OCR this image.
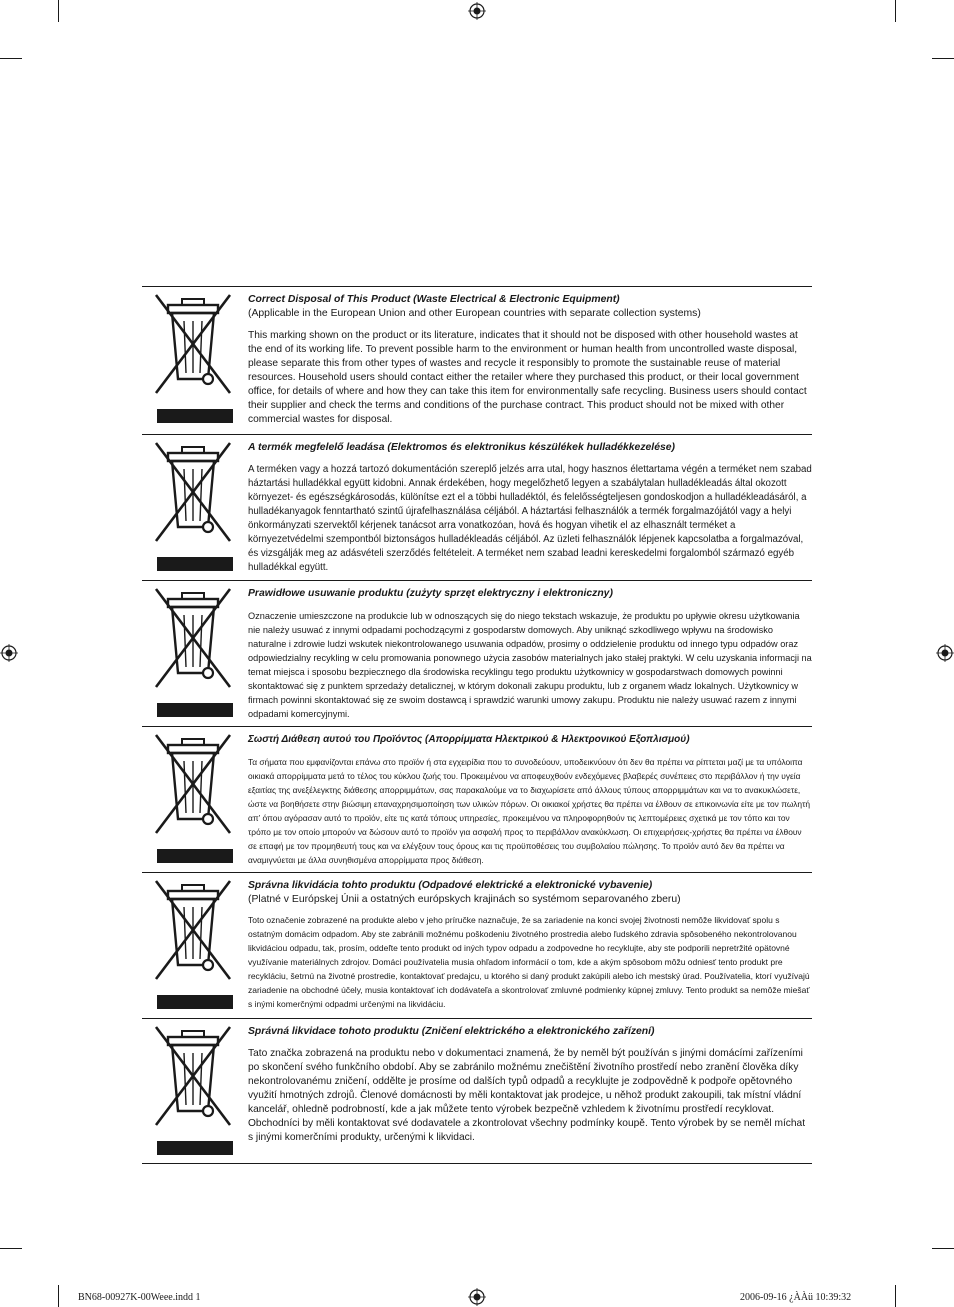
Correct Disposal of This Product (Waste Electrical & Electronic Equipment)

(Applicable in the European Union and other European countries with separate collection systems)

This marking shown on the product or its literature, indicates that it should not be disposed with other household wastes at the end of its working life. To prevent possible harm to the environment or human health from uncontrolled waste disposal, please separate this from other types of wastes and recycle it responsibly to promote the sustainable reuse of material resources. Household users should contact either the retailer where they purchased this product, or their local government office, for details of where and how they can take this item for environmentally safe recycling. Business users should contact their supplier and check the terms and conditions of the purchase contract. This product should not be mixed with other commercial wastes for disposal.

A termék megfelelő leadása (Elektromos és elektronikus készülékek hulladékkezelése)

A terméken vagy a hozzá tartozó dokumentáción szereplő jelzés arra utal, hogy hasznos élettartama végén a terméket nem szabad háztartási hulladékkal együtt kidobni. Annak érdekében, hogy megelőzhető legyen a szabálytalan hulladékleadás által okozott környezet- és egészségkárosodás, különítse ezt el a többi hulladéktól, és felelősségteljesen gondoskodjon a hulladékleadásáról, a hulladékanyagok fenntartható szintű újrafelhasználása céljából. A háztartási felhasználók a termék forgalmazójától vagy a helyi önkormányzati szervektől kérjenek tanácsot arra vonatkozóan, hová és hogyan vihetik el az elhasznált terméket a környezetvédelmi szempontból biztonságos hulladékleadás céljából. Az üzleti felhasználók lépjenek kapcsolatba a forgalmazóval, és vizsgálják meg az adásvételi szerződés feltételeit. A terméket nem szabad leadni kereskedelmi forgalomból származó egyéb hulladékkal együtt.

Prawidłowe usuwanie produktu (zużyty sprzęt elektryczny i elektroniczny)

Oznaczenie umieszczone na produkcie lub w odnoszących się do niego tekstach wskazuje, że produktu po upływie okresu użytkowania nie należy usuwać z innymi odpadami pochodzącymi z gospodarstw domowych. Aby uniknąć szkodliwego wpływu na środowisko naturalne i zdrowie ludzi wskutek niekontrolowanego usuwania odpadów, prosimy o oddzielenie produktu od innego typu odpadów oraz odpowiedzialny recykling w celu promowania ponownego użycia zasobów materialnych jako stałej praktyki. W celu uzyskania informacji na temat miejsca i sposobu bezpiecznego dla środowiska recyklingu tego produktu użytkownicy w gospodarstwach domowych powinni skontaktować się z punktem sprzedaży detalicznej, w którym dokonali zakupu produktu, lub z organem władz lokalnych. Użytkownicy w firmach powinni skontaktować się ze swoim dostawcą i sprawdzić warunki umowy zakupu. Produktu nie należy usuwać razem z innymi odpadami komercyjnymi.

Σωστή Διάθεση αυτού του Προϊόντος (Απορρίμματα Ηλεκτρικού & Ηλεκτρονικού Εξοπλισμού)

Τα σήματα που εμφανίζονται επάνω στο προϊόν ή στα εγχειρίδια που το συνοδεύουν, υποδεικνύουν ότι δεν θα πρέπει να ρίπτεται μαζί με τα υπόλοιπα οικιακά απορρίμματα μετά το τέλος του κύκλου ζωής του. Προκειμένου να αποφευχθούν ενδεχόμενες βλαβερές συνέπειες στο περιβάλλον ή την υγεία εξαιτίας της ανεξέλεγκτης διάθεσης απορριμμάτων, σας παρακαλούμε να το διαχωρίσετε από άλλους τύπους απορριμμάτων και να το ανακυκλώσετε, ώστε να βοηθήσετε στην βιώσιμη επαναχρησιμοποίηση των υλικών πόρων. Οι οικιακοί χρήστες θα πρέπει να έλθουν σε επικοινωνία είτε με τον πωλητή απ’ όπου αγόρασαν αυτό το προϊόν, είτε τις κατά τόπους υπηρεσίες, προκειμένου να πληροφορηθούν τις λεπτομέρειες σχετικά με τον τόπο και τον τρόπο με τον οποίο μπορούν να δώσουν αυτό το προϊόν για ασφαλή προς το περιβάλλον ανακύκλωση. Οι επιχειρήσεις-χρήστες θα πρέπει να έλθουν σε επαφή με τον προμηθευτή τους και να ελέγξουν τους όρους και τις προϋποθέσεις του συμβολαίου πώλησης. Το προϊόν αυτό δεν θα πρέπει να αναμιγνύεται με άλλα συνηθισμένα απορρίμματα προς διάθεση.

Správna likvidácia tohto produktu (Odpadové elektrické a elektronické vybavenie)

(Platné v Európskej Únii a ostatných európskych krajinách so systémom separovaného zberu)

Toto označenie zobrazené na produkte alebo v jeho príručke naznačuje, že sa zariadenie na konci svojej životnosti nemôže likvidovať spolu s ostatným domácim odpadom. Aby ste zabránili možnému poškodeniu životného prostredia alebo ľudského zdravia spôsobeného nekontrolovanou likvidáciou odpadu, tak, prosím, oddeľte tento produkt od iných typov odpadu a zodpovedne ho recyklujte, aby ste podporili nepretržité opätovné využívanie materiálnych zdrojov. Domáci používatelia musia ohľadom informácií o tom, kde a akým spôsobom môžu odniesť tento produkt pre recykláciu, šetrnú na životné prostredie, kontaktovať predajcu, u ktorého si daný produkt zakúpili alebo ich mestský úrad. Používatelia, ktorí využívajú zariadenie na obchodné účely, musia kontaktovať ich dodávateľa a skontrolovať zmluvné podmienky kúpnej zmluvy. Tento produkt sa nemôže miešať s inými komerčnými odpadmi určenými na likvidáciu.

Správná likvidace tohoto produktu (Zničení elektrického a elektronického zařízení)

Tato značka zobrazená na produktu nebo v dokumentaci znamená, že by neměl být používán s jinými domácími zařízeními po skončení svého funkčního období. Aby se zabránilo možnému znečištění životního prostředí nebo zranění člověka díky nekontrolovanému zničení, oddělte je prosíme od dalších typů odpadů a recyklujte je zodpovědně k podpoře opětovného využití hmotných zdrojů. Členové domácnosti by měli kontaktovat jak prodejce, u něhož produkt zakoupili, tak místní vládní kancelář, ohledně podrobností, kde a jak můžete tento výrobek bezpečně vzhledem k životnímu prostředí recyklovat. Obchodníci by měli kontaktovat své dodavatele a zkontrolovat všechny podmínky koupě. Tento výrobek by se neměl míchat s jinými komerčními produkty, určenými k likvidaci.

BN68-00927K-00Weee.indd 1	2006-09-16 ¿ÀÀü 10:39:32
